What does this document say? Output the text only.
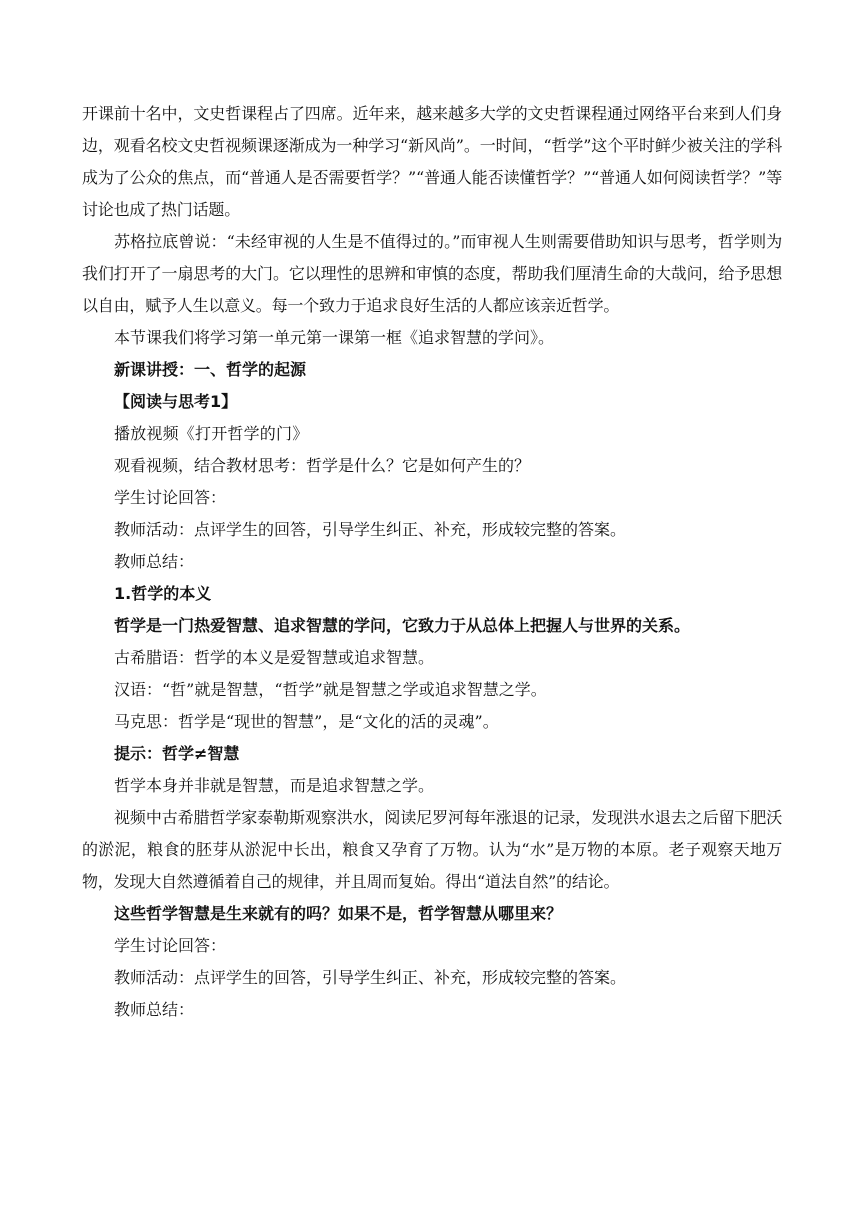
开课前十名中，文史哲课程占了四席。近年来，越来越多大学的文史哲课程通过网络平台来到人们身边，观看名校文史哲视频课逐渐成为一种学习“新风尚”。一时间，“哲学”这个平时鲜少被关注的学科成为了公众的焦点，而“普通人是否需要哲学？”“普通人能否读懂哲学？”“普通人如何阅读哲学？”等讨论也成了热门话题。

苏格拉底曾说：“未经审视的人生是不值得过的。”而审视人生则需要借助知识与思考，哲学则为我们打开了一扇思考的大门。它以理性的思辨和审慎的态度，帮助我们厘清生命的大哉问，给予思想以自由，赋予人生以意义。每一个致力于追求良好生活的人都应该亲近哲学。

本节课我们将学习第一单元第一课第一框《追求智慧的学问》。

新课讲授：一、哲学的起源

【阅读与思考1】

播放视频《打开哲学的门》

观看视频，结合教材思考：哲学是什么？它是如何产生的？

学生讨论回答：

教师活动：点评学生的回答，引导学生纠正、补充，形成较完整的答案。

教师总结：

1.哲学的本义

哲学是一门热爱智慧、追求智慧的学问，它致力于从总体上把握人与世界的关系。

古希腊语：哲学的本义是爱智慧或追求智慧。

汉语：“哲”就是智慧，“哲学”就是智慧之学或追求智慧之学。

马克思：哲学是“现世的智慧”，是“文化的活的灵魂”。

提示：哲学≠智慧

哲学本身并非就是智慧，而是追求智慧之学。

视频中古希腊哲学家泰勒斯观察洪水，阅读尼罗河每年涨退的记录，发现洪水退去之后留下肥沃的淤泥，粮食的胚芽从淤泥中长出，粮食又孕育了万物。认为“水”是万物的本原。老子观察天地万物，发现大自然遵循着自己的规律，并且周而复始。得出“道法自然”的结论。

这些哲学智慧是生来就有的吗？如果不是，哲学智慧从哪里来？

学生讨论回答：

教师活动：点评学生的回答，引导学生纠正、补充，形成较完整的答案。

教师总结：
